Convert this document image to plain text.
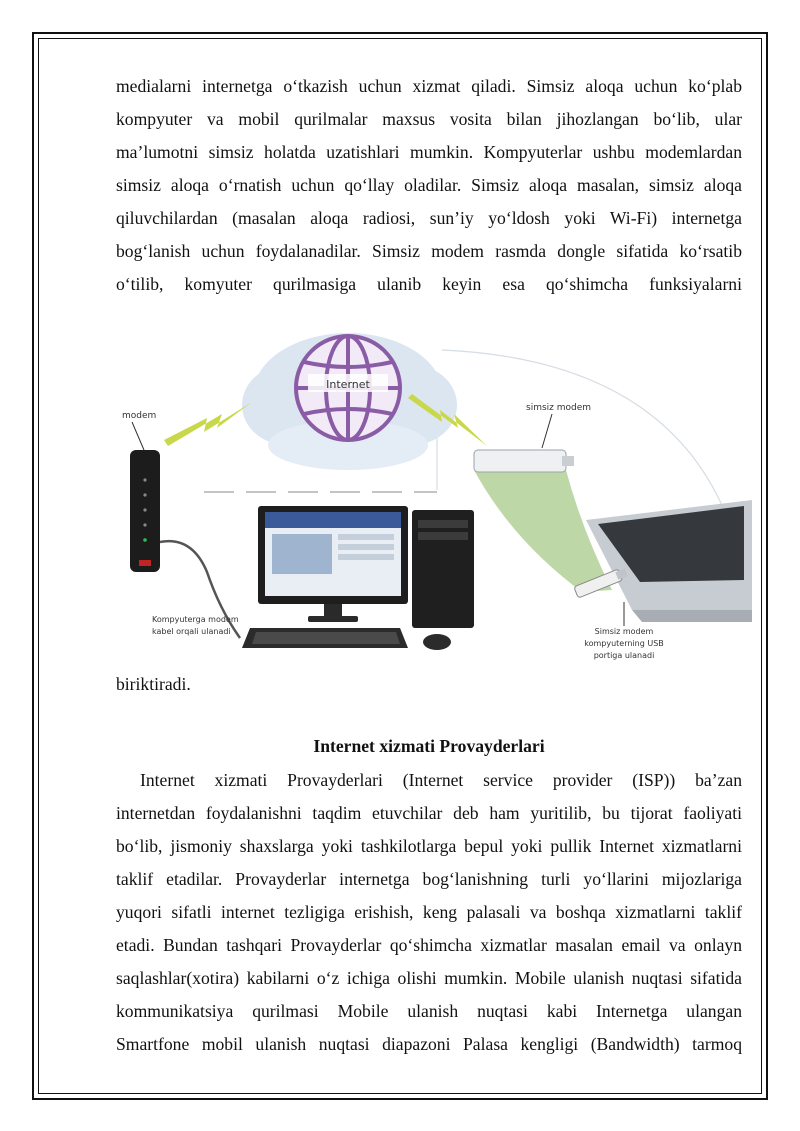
medialarni internetga o‘tkazish uchun xizmat qiladi. Simsiz aloqa uchun ko‘plab
kompyuter va mobil qurilmalar maxsus vosita bilan jihozlangan bo‘lib, ular
ma’lumotni simsiz holatda uzatishlari mumkin. Kompyuterlar ushbu modemlardan
simsiz aloqa o‘rnatish uchun qo‘llay oladilar. Simsiz aloqa masalan, simsiz aloqa
qiluvchilardan (masalan aloqa radiosi, sun’iy yo‘ldosh yoki Wi-Fi) internetga
bog‘lanish uchun foydalanadilar. Simsiz modem rasmda dongle sifatida ko‘rsatib
o‘tilib, komyuter qurilmasiga ulanib keyin esa qo‘shimcha funksiyalarni
Internet
modem
Kompyuterga modem
kabel orqali ulanadi
simsiz modem
Simsiz modem
kompyuterning USB
portiga ulanadi
biriktiradi.
Internet xizmati Provayderlari
Internet xizmati Provayderlari (Internet service provider (ISP)) ba’zan
internetdan foydalanishni taqdim etuvchilar deb ham yuritilib, bu tijorat faoliyati
bo‘lib, jismoniy shaxslarga yoki tashkilotlarga bepul yoki pullik Internet xizmatlarni
taklif etadilar. Provayderlar internetga bog‘lanishning turli yo‘llarini mijozlariga
yuqori sifatli internet tezligiga erishish, keng palasali va boshqa xizmatlarni taklif
etadi. Bundan tashqari Provayderlar qo‘shimcha xizmatlar masalan email va onlayn
saqlashlar(xotira) kabilarni o‘z ichiga olishi mumkin. Mobile ulanish nuqtasi sifatida
kommunikatsiya qurilmasi Mobile ulanish nuqtasi kabi Internetga ulangan
Smartfone mobil ulanish nuqtasi diapazoni Palasa kengligi (Bandwidth) tarmoq
